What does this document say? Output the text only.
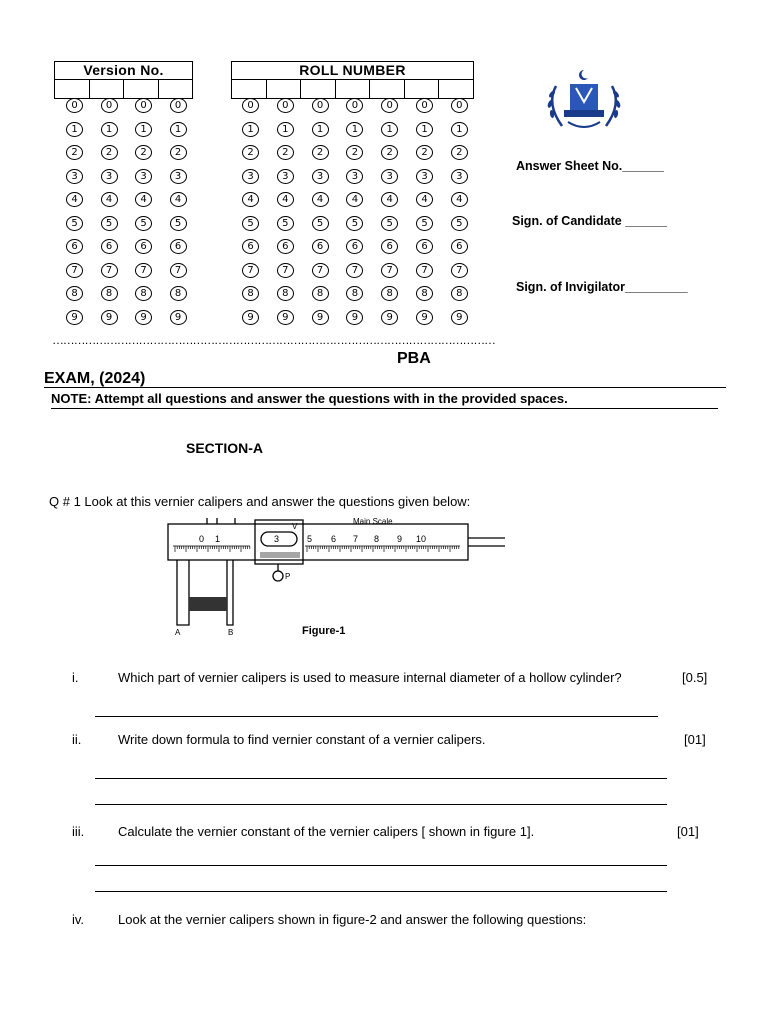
Version No.
0	0	0	0
1	1	1	1
2	2	2	2
3	3	3	3
4	4	4	4
5	5	5	5
6	6	6	6
7	7	7	7
8	8	8	8
9	9	9	9
ROLL NUMBER
0	0	0	0	0	0	0
1	1	1	1	1	1	1
2	2	2	2	2	2	2
3	3	3	3	3	3	3
4	4	4	4	4	4	4
5	5	5	5	5	5	5
6	6	6	6	6	6	6
7	7	7	7	7	7	7
8	8	8	8	8	8	8
9	9	9	9	9	9	9
Answer Sheet No.______
Sign. of Candidate ______
Sign. of Invigilator_________
……………………………………………………………………………………………………………
PBA
EXAM, (2024)
NOTE: Attempt all questions and answer the questions with in the provided spaces.
SECTION-A
Q # 1 Look at this vernier calipers and answer the questions given below:
0 1	3	5 6 7 8 9 10
Main Scale
V
P
A	B	Figure-1
i.	Which part of vernier calipers is used to measure internal diameter of a hollow cylinder?	[0.5]
ii.	Write down formula to find vernier constant of a vernier calipers.	[01]
iii.	Calculate the vernier constant of the vernier calipers [ shown in figure 1].	[01]
iv.	Look at the vernier calipers shown in figure-2 and answer the following questions:
